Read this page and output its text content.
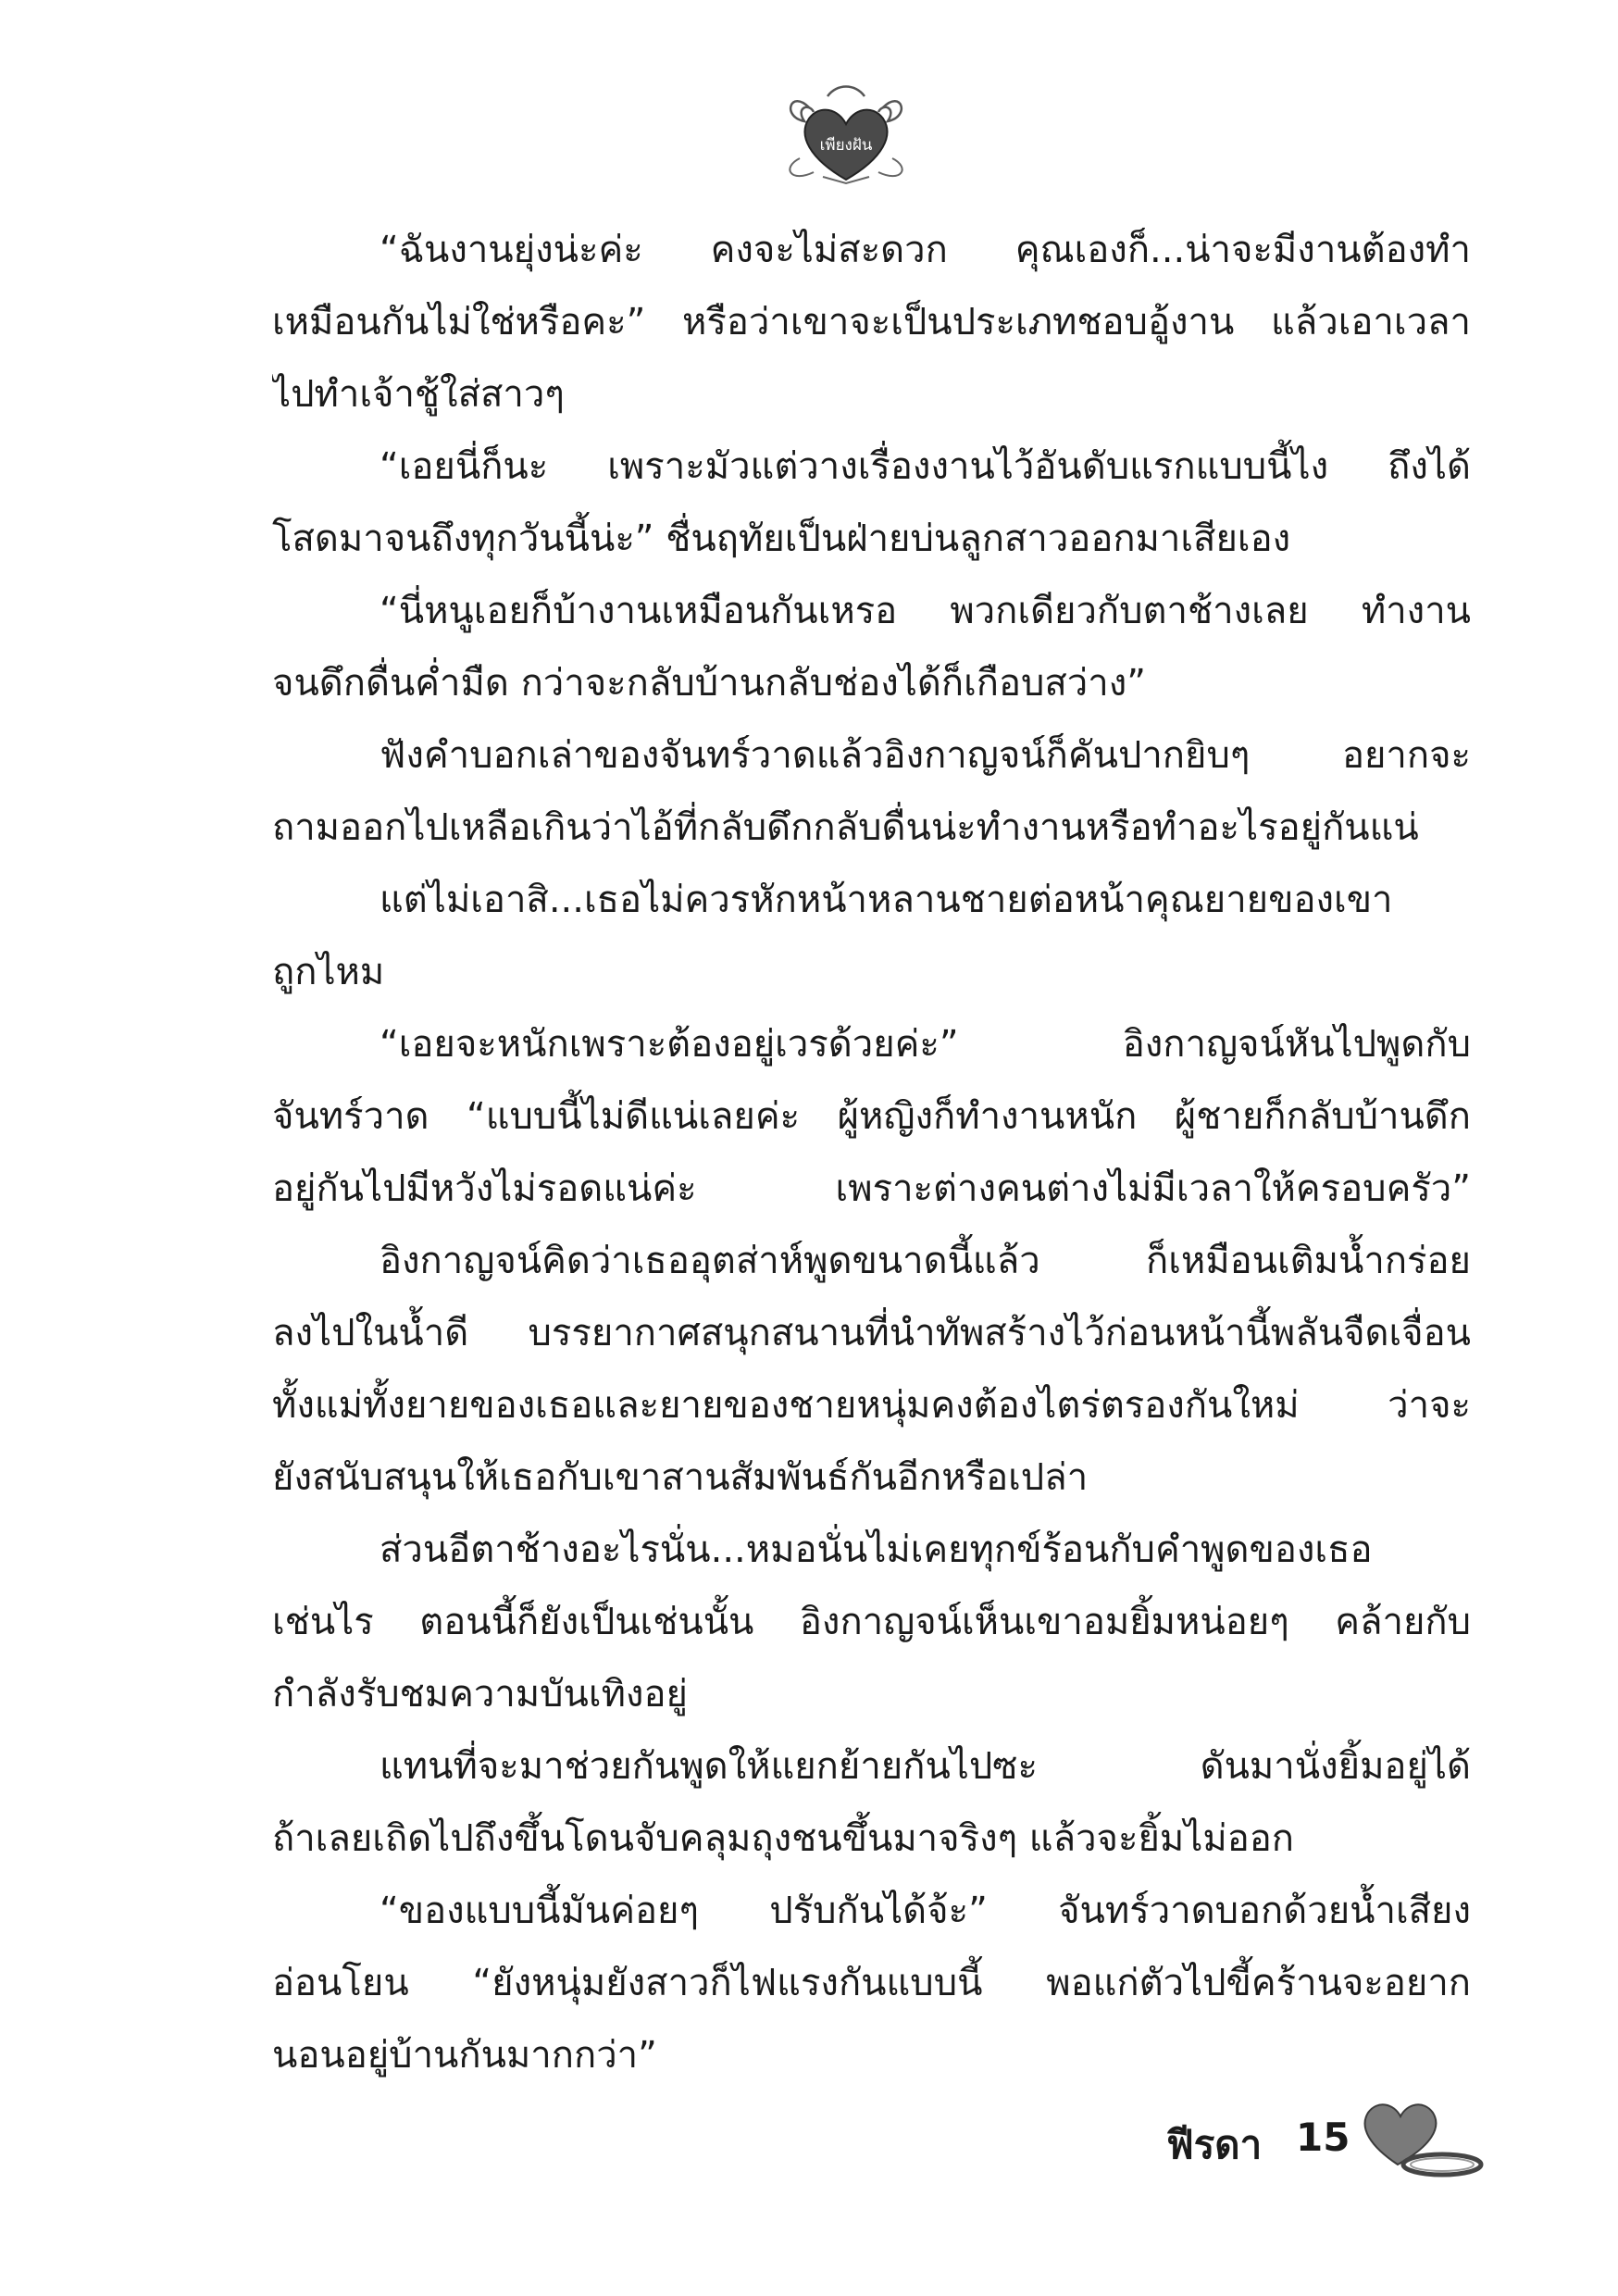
เพียงฝัน
“ฉันงานยุ่งน่ะค่ะ คงจะไม่สะดวก คุณเองก็...น่าจะมีงานต้องทำ
เหมือนกันไม่ใช่หรือคะ” หรือว่าเขาจะเป็นประเภทชอบอู้งาน แล้วเอาเวลา
ไปทำเจ้าชู้ใส่สาวๆ
“เอยนี่ก็นะ เพราะมัวแต่วางเรื่องงานไว้อันดับแรกแบบนี้ไง ถึงได้
โสดมาจนถึงทุกวันนี้น่ะ” ชื่นฤทัยเป็นฝ่ายบ่นลูกสาวออกมาเสียเอง
“นี่หนูเอยก็บ้างานเหมือนกันเหรอ พวกเดียวกับตาช้างเลย ทำงาน
จนดึกดื่นค่ำมืด กว่าจะกลับบ้านกลับช่องได้ก็เกือบสว่าง”
ฟังคำบอกเล่าของจันทร์วาดแล้วอิงกาญจน์ก็คันปากยิบๆ อยากจะ
ถามออกไปเหลือเกินว่าไอ้ที่กลับดึกกลับดื่นน่ะทำงานหรือทำอะไรอยู่กันแน่
แต่ไม่เอาสิ...เธอไม่ควรหักหน้าหลานชายต่อหน้าคุณยายของเขา
ถูกไหม
“เอยจะหนักเพราะต้องอยู่เวรด้วยค่ะ” อิงกาญจน์หันไปพูดกับ
จันทร์วาด “แบบนี้ไม่ดีแน่เลยค่ะ ผู้หญิงก็ทำงานหนัก ผู้ชายก็กลับบ้านดึก
อยู่กันไปมีหวังไม่รอดแน่ค่ะ เพราะต่างคนต่างไม่มีเวลาให้ครอบครัว”
อิงกาญจน์คิดว่าเธออุตส่าห์พูดขนาดนี้แล้ว ก็เหมือนเติมน้ำกร่อย
ลงไปในน้ำดี บรรยากาศสนุกสนานที่นำทัพสร้างไว้ก่อนหน้านี้พลันจืดเจื่อน
ทั้งแม่ทั้งยายของเธอและยายของชายหนุ่มคงต้องไตร่ตรองกันใหม่ ว่าจะ
ยังสนับสนุนให้เธอกับเขาสานสัมพันธ์กันอีกหรือเปล่า
ส่วนอีตาช้างอะไรนั่น...หมอนั่นไม่เคยทุกข์ร้อนกับคำพูดของเธอ
เช่นไร ตอนนี้ก็ยังเป็นเช่นนั้น อิงกาญจน์เห็นเขาอมยิ้มหน่อยๆ คล้ายกับ
กำลังรับชมความบันเทิงอยู่
แทนที่จะมาช่วยกันพูดให้แยกย้ายกันไปซะ ดันมานั่งยิ้มอยู่ได้
ถ้าเลยเถิดไปถึงขึ้นโดนจับคลุมถุงชนขึ้นมาจริงๆ แล้วจะยิ้มไม่ออก
“ของแบบนี้มันค่อยๆ ปรับกันได้จ้ะ” จันทร์วาดบอกด้วยน้ำเสียง
อ่อนโยน “ยังหนุ่มยังสาวก็ไฟแรงกันแบบนี้ พอแก่ตัวไปขี้คร้านจะอยาก
นอนอยู่บ้านกันมากกว่า”
ฟีรดา 15
